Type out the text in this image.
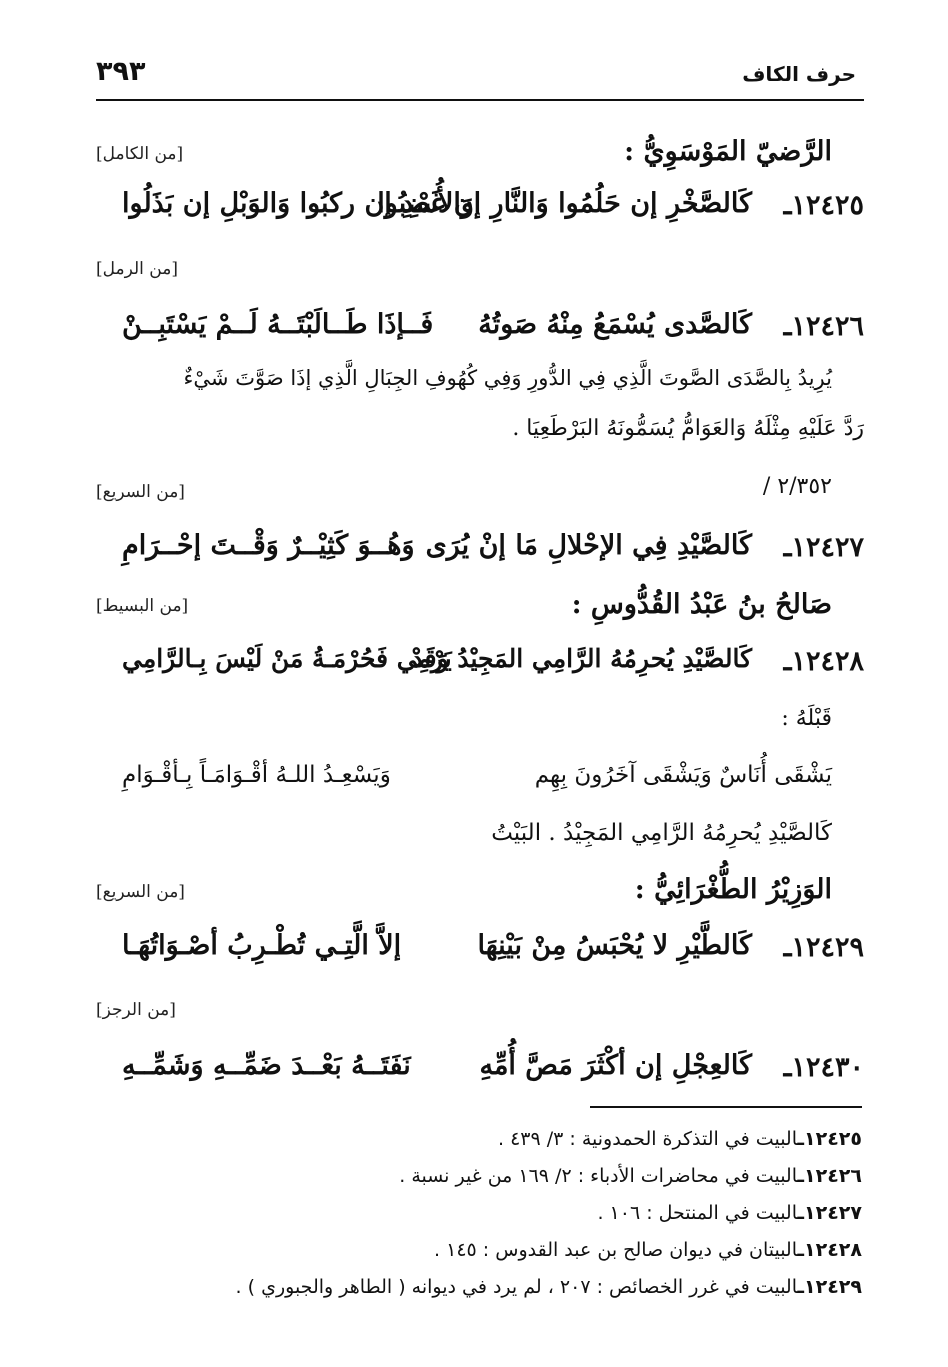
٣٩٣	حرف الكاف
الرَّضيّ المَوْسَوِيُّ :
[من الكامل]
١٢٤٢٥ـ
كَالصَّخْرِ إن حَلُمُوا وَالنَّارِ إن غَضِبُوا
وَالأُسْدِ إن ركبُوا وَالوَبْلِ إن بَذَلُوا
[من الرمل]
١٢٤٢٦ـ
كَالصَّدى يُسْمَعُ مِنْهُ صَوتُهُ
فَــإذَا طَــالَبْتَــهُ لَــمْ يَسْتَبِــنْ
يُرِيدُ بِالصَّدَى الصَّوتَ الَّذِي فِي الدُّورِ وَفِي كُهُوفِ الجِبَالِ الَّذِي إذَا صَوَّتَ شَيْءٌ
رَدَّ عَلَيْهِ مِثْلَهُ وَالعَوَامُّ يُسَمُّونَهُ البَرْطَعِيَا .
/ ٢/٣٥٢
[من السريع]
١٢٤٢٧ـ
كَالصَّيْدِ فِي الإحْلالِ مَا إنْ يُرَى
وَهُــوَ كَثِيْــرٌ وَقْــتَ إحْــرَامِ
صَالحُ بنُ عَبْدُ القُدُّوسِ :
[من البسيط]
١٢٤٢٨ـ
كَالصَّيْدِ يُحرِمُهُ الرَّامِي المَجِيْدُ وَقَدْ
يَرْمِي فَحُرْمَـةُ مَنْ لَيْسَ بِـالرَّامِي
قَبْلَهُ :
يَشْقَى أُنَاسٌ وَيَشْقَى آخَرُونَ بِهِم
وَيَسْعِـدُ اللـهُ أقْـوَامَـاً بِـأقْـوَامِ
كَالصَّيْدِ يُحرِمُهُ الرَّامِي المَجِيْدُ . البَيْتُ
الوَزِيْرُ الطُّغْرَائِيُّ :
[من السريع]
١٢٤٢٩ـ
كَالطَّيْرِ لا يُحْبَسُ مِنْ بَيْنِهَا
إلاَّ الَّتِـي تُطْـرِبُ أصْـوَاتُهَـا
[من الرجز]
١٢٤٣٠ـ
كَالعِجْلِ إن أكْثَرَ مَصَّ أُمِّهِ
نَفَتَــهُ بَعْــدَ ضَمِّــهِ وَشَمِّــهِ
١٢٤٢٥ـالبيت في التذكرة الحمدونية : ٣/ ٤٣٩ .
١٢٤٢٦ـالبيت في محاضرات الأدباء : ٢/ ١٦٩ من غير نسبة .
١٢٤٢٧ـالبيت في المنتحل : ١٠٦ .
١٢٤٢٨ـالبيتان في ديوان صالح بن عبد القدوس : ١٤٥ .
١٢٤٢٩ـالبيت في غرر الخصائص : ٢٠٧ ، لم يرد في ديوانه ( الطاهر والجبوري ) .
